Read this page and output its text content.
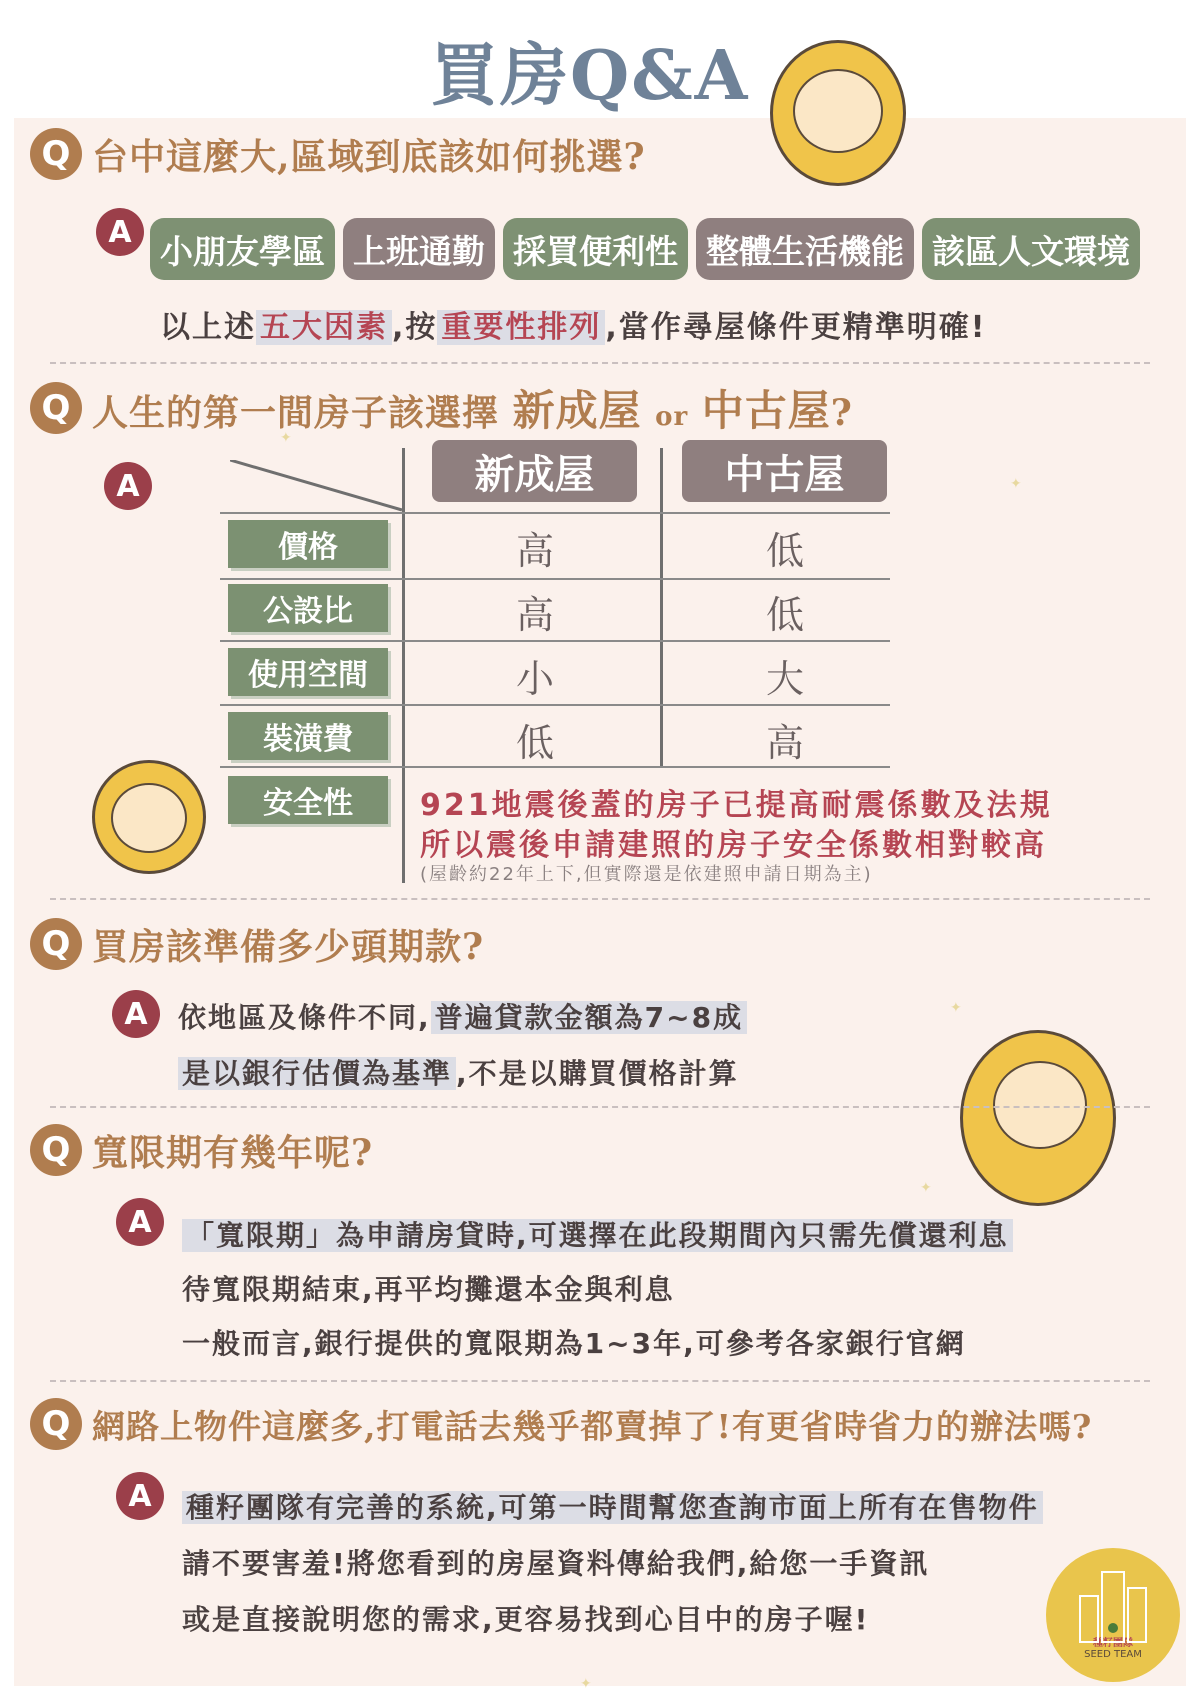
買房Q&A
Q 台中這麼大,區域到底該如何挑選?
A 小朋友學區 上班通勤 採買便利性 整體生活機能 該區人文環境
以上述 五大因素 ,按 重要性排列 ,當作尋屋條件更精準明確!
Q 人生的第一間房子該選擇 新成屋 or 中古屋?
A	新成屋	中古屋
價格	高	低
公設比	高	低
使用空間	小	大
裝潢費	低	高
安全性	921地震後蓋的房子已提高耐震係數及法規
所以震後申請建照的房子安全係數相對較高
(屋齡約22年上下,但實際還是依建照申請日期為主)
Q 買房該準備多少頭期款?
A	依地區及條件不同, 普遍貸款金額為7~8成
是以銀行估價為基準 ,不是以購買價格計算
Q 寬限期有幾年呢?
A	「寬限期」為申請房貸時,可選擇在此段期間內只需先償還利息
待寬限期結束,再平均攤還本金與利息
一般而言,銀行提供的寬限期為1~3年,可參考各家銀行官網
Q 網路上物件這麼多,打電話去幾乎都賣掉了!有更省時省力的辦法嗎?
A	種籽團隊有完善的系統,可第一時間幫您查詢市面上所有在售物件
請不要害羞!將您看到的房屋資料傳給我們,給您一手資訊
或是直接說明您的需求,更容易找到心目中的房子喔!
種籽團隊
SEED TEAM
✦
✦
✦
✦
✦
